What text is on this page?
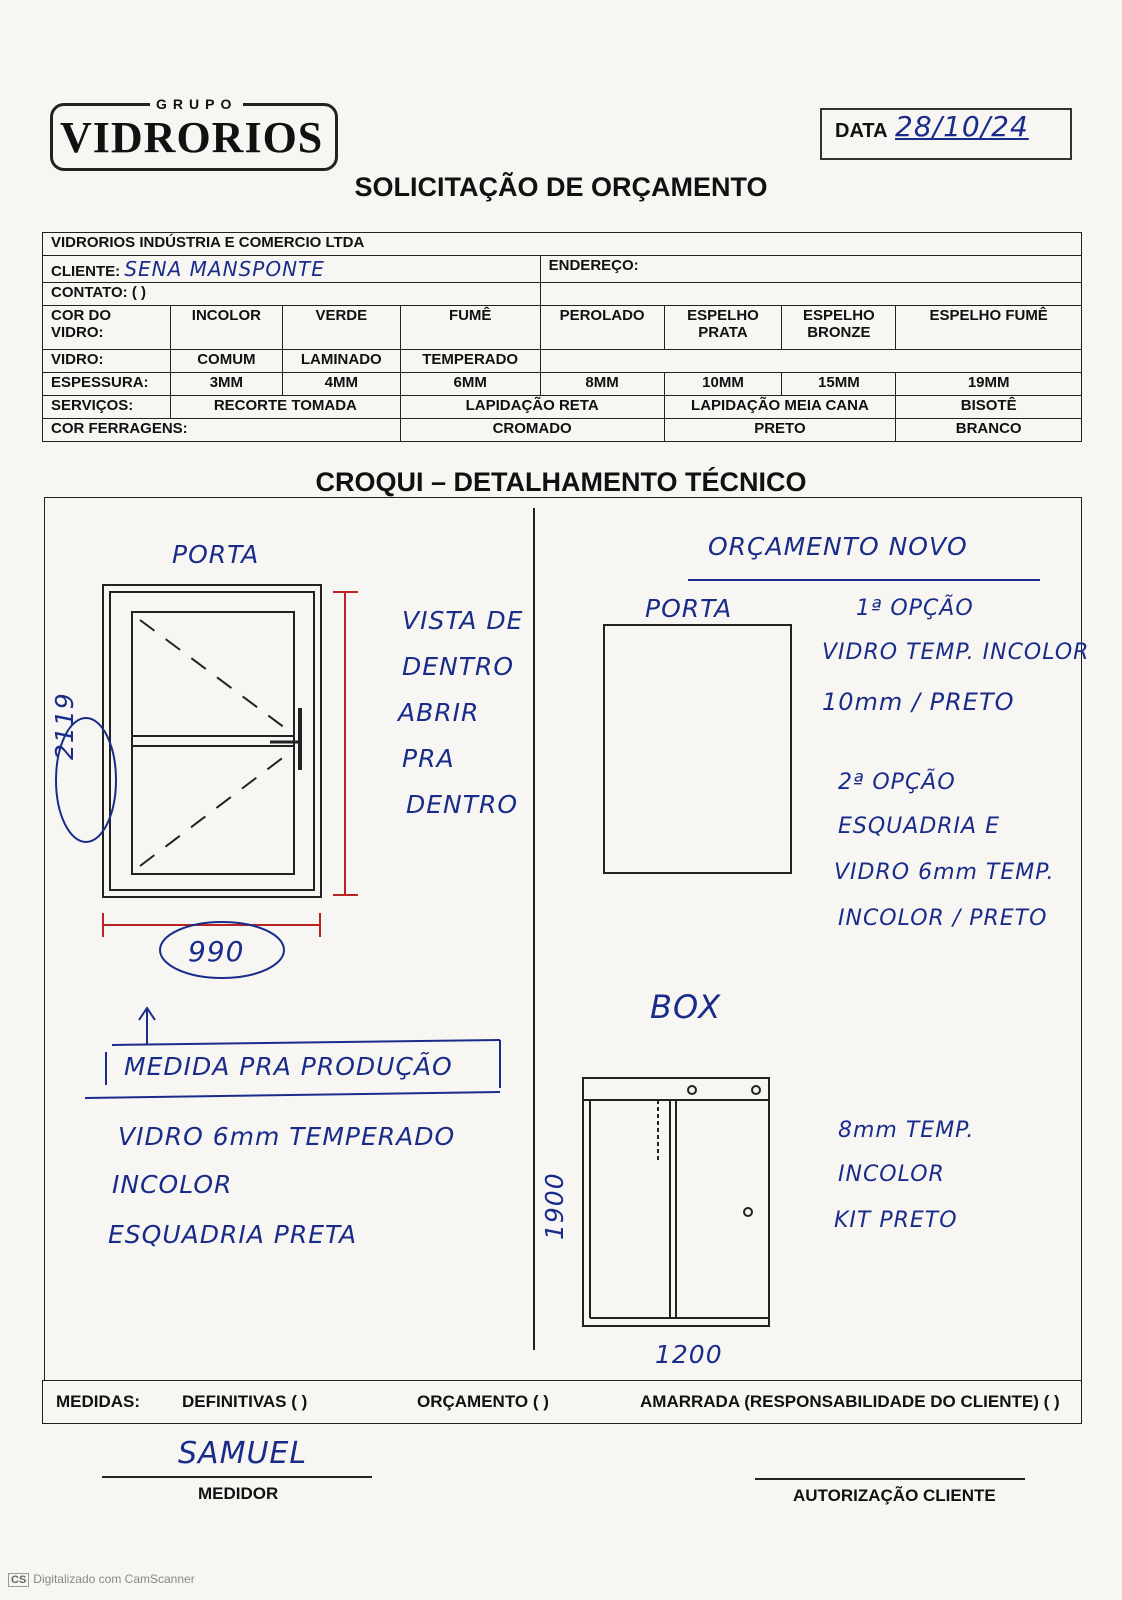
GRUPO
VIDRORIOS	DATA 28/10/24
SOLICITAÇÃO DE ORÇAMENTO
VIDRORIOS INDÚSTRIA E COMERCIO LTDA							
CLIENTE: SENA MANSPONTE				ENDEREÇO:			
CONTATO: ( )							
COR DO VIDRO:	INCOLOR	VERDE	FUMÊ	PEROLADO	ESPELHO PRATA	ESPELHO BRONZE	ESPELHO FUMÊ
VIDRO:	COMUM	LAMINADO	TEMPERADO				
ESPESSURA:	3MM	4MM	6MM	8MM	10MM	15MM	19MM
SERVIÇOS:	RECORTE TOMADA		LAPIDAÇÃO RETA		LAPIDAÇÃO MEIA CANA		BISOTÊ
COR FERRAGENS:			CROMADO		PRETO		BRANCO
CROQUI – DETALHAMENTO TÉCNICO
PORTA
2119
990
VISTA DE
DENTRO
ABRIR
PRA
DENTRO
MEDIDA PRA PRODUÇÃO
VIDRO 6mm TEMPERADO
INCOLOR
ESQUADRIA PRETA
ORÇAMENTO NOVO
PORTA	1ª OPÇÃO
VIDRO TEMP. INCOLOR
10mm / PRETO
2ª OPÇÃO
ESQUADRIA E
VIDRO 6mm TEMP.
INCOLOR / PRETO
BOX
1900
1200
8mm TEMP.
INCOLOR
KIT PRETO
MEDIDAS: DEFINITIVAS ( )	ORÇAMENTO ( )	AMARRADA (RESPONSABILIDADE DO CLIENTE) ( )
SAMUEL
MEDIDOR	AUTORIZAÇÃO CLIENTE
CS Digitalizado com CamScanner
